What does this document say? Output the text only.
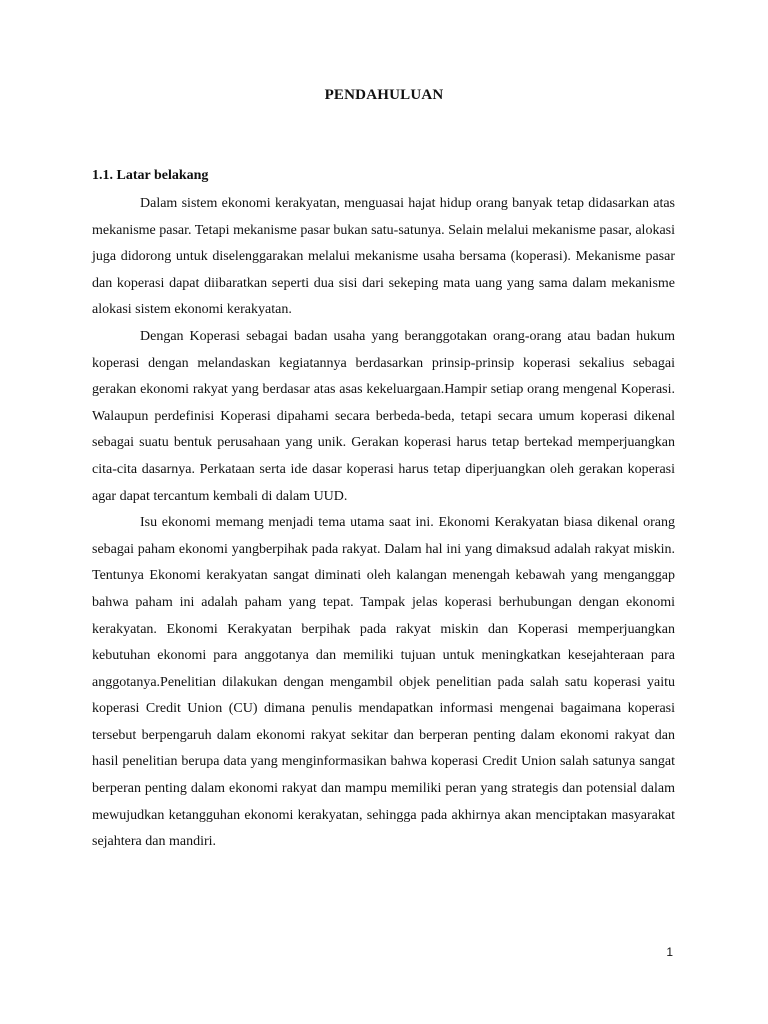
PENDAHULUAN
1.1. Latar belakang

Dalam sistem ekonomi kerakyatan, menguasai hajat hidup orang banyak tetap didasarkan atas mekanisme pasar. Tetapi mekanisme pasar bukan satu-satunya. Selain melalui mekanisme pasar, alokasi juga didorong untuk diselenggarakan melalui mekanisme usaha bersama (koperasi). Mekanisme pasar dan koperasi dapat diibaratkan seperti dua sisi dari sekeping mata uang yang sama dalam mekanisme alokasi sistem ekonomi kerakyatan.

Dengan Koperasi sebagai badan usaha yang beranggotakan orang-orang atau badan hukum koperasi dengan melandaskan kegiatannya berdasarkan prinsip-prinsip koperasi sekalius sebagai gerakan ekonomi rakyat yang berdasar atas asas kekeluargaan.Hampir setiap orang mengenal Koperasi. Walaupun perdefinisi Koperasi dipahami secara berbeda-beda, tetapi secara umum koperasi dikenal sebagai suatu bentuk perusahaan yang unik. Gerakan koperasi harus tetap bertekad memperjuangkan cita-cita dasarnya. Perkataan serta ide dasar koperasi harus tetap diperjuangkan oleh gerakan koperasi agar dapat tercantum kembali di dalam UUD.

Isu ekonomi memang menjadi tema utama saat ini. Ekonomi Kerakyatan biasa dikenal orang sebagai paham ekonomi yangberpihak pada rakyat. Dalam hal ini yang dimaksud adalah rakyat miskin. Tentunya Ekonomi kerakyatan sangat diminati oleh kalangan menengah kebawah yang menganggap bahwa paham ini adalah paham yang tepat. Tampak jelas koperasi berhubungan dengan ekonomi kerakyatan. Ekonomi Kerakyatan berpihak pada rakyat miskin dan Koperasi memperjuangkan kebutuhan ekonomi para anggotanya dan memiliki tujuan untuk meningkatkan kesejahteraan para anggotanya.Penelitian dilakukan dengan mengambil objek penelitian pada salah satu koperasi yaitu koperasi Credit Union (CU) dimana penulis mendapatkan informasi mengenai bagaimana koperasi tersebut berpengaruh dalam ekonomi rakyat sekitar dan berperan penting dalam ekonomi rakyat dan hasil penelitian berupa data yang menginformasikan bahwa koperasi Credit Union salah satunya sangat berperan penting dalam ekonomi rakyat dan mampu memiliki peran yang strategis dan potensial dalam mewujudkan ketangguhan ekonomi kerakyatan, sehingga pada akhirnya akan menciptakan masyarakat sejahtera dan mandiri.

1
